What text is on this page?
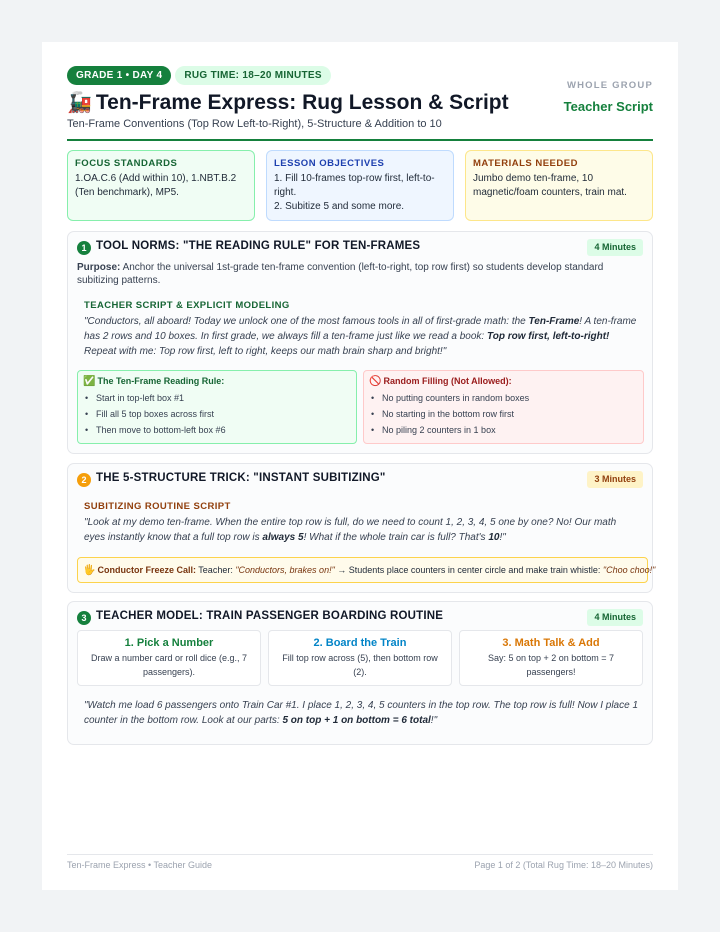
GRADE 1 • DAY 4 RUG TIME: 18–20 MINUTES
🚂 Ten-Frame Express: Rug Lesson & Script
Ten-Frame Conventions (Top Row Left-to-Right), 5-Structure & Addition to 10
WHOLE GROUP
Teacher Script
FOCUS STANDARDS
1.OA.C.6 (Add within 10), 1.NBT.B.2 (Ten benchmark), MP5.
LESSON OBJECTIVES
1. Fill 10-frames top-row first, left-to-right.
2. Subitize 5 and some more.
MATERIALS NEEDED
Jumbo demo ten-frame, 10 magnetic/foam counters, train mat.
1 TOOL NORMS: "THE READING RULE" FOR TEN-FRAMES	4 Minutes
Purpose: Anchor the universal 1st-grade ten-frame convention (left-to-right, top row first) so students develop standard subitizing patterns.
TEACHER SCRIPT & EXPLICIT MODELING
"Conductors, all aboard! Today we unlock one of the most famous tools in all of first-grade math: the Ten-Frame! A ten-frame has 2 rows and 10 boxes. In first grade, we always fill a ten-frame just like we read a book: Top row first, left-to-right! Repeat with me: Top row first, left to right, keeps our math brain sharp and bright!"
✅ The Ten-Frame Reading Rule:
• Start in top-left box #1
• Fill all 5 top boxes across first
• Then move to bottom-left box #6
🚫 Random Filling (Not Allowed):
• No putting counters in random boxes
• No starting in the bottom row first
• No piling 2 counters in 1 box
2 THE 5-STRUCTURE TRICK: "INSTANT SUBITIZING"	3 Minutes
SUBITIZING ROUTINE SCRIPT
"Look at my demo ten-frame. When the entire top row is full, do we need to count 1, 2, 3, 4, 5 one by one? No! Our math eyes instantly know that a full top row is always 5! What if the whole train car is full? That's 10!"
🖐 Conductor Freeze Call: Teacher: "Conductors, brakes on!" → Students place counters in center circle and make train whistle: "Choo choo!"
3 TEACHER MODEL: TRAIN PASSENGER BOARDING ROUTINE	4 Minutes
1. Pick a Number
Draw a number card or roll dice (e.g., 7 passengers).
2. Board the Train
Fill top row across (5), then bottom row (2).
3. Math Talk & Add
Say: 5 on top + 2 on bottom = 7 passengers!
"Watch me load 6 passengers onto Train Car #1. I place 1, 2, 3, 4, 5 counters in the top row. The top row is full! Now I place 1 counter in the bottom row. Look at our parts: 5 on top + 1 on bottom = 6 total!"
Ten-Frame Express • Teacher Guide	Page 1 of 2 (Total Rug Time: 18–20 Minutes)
